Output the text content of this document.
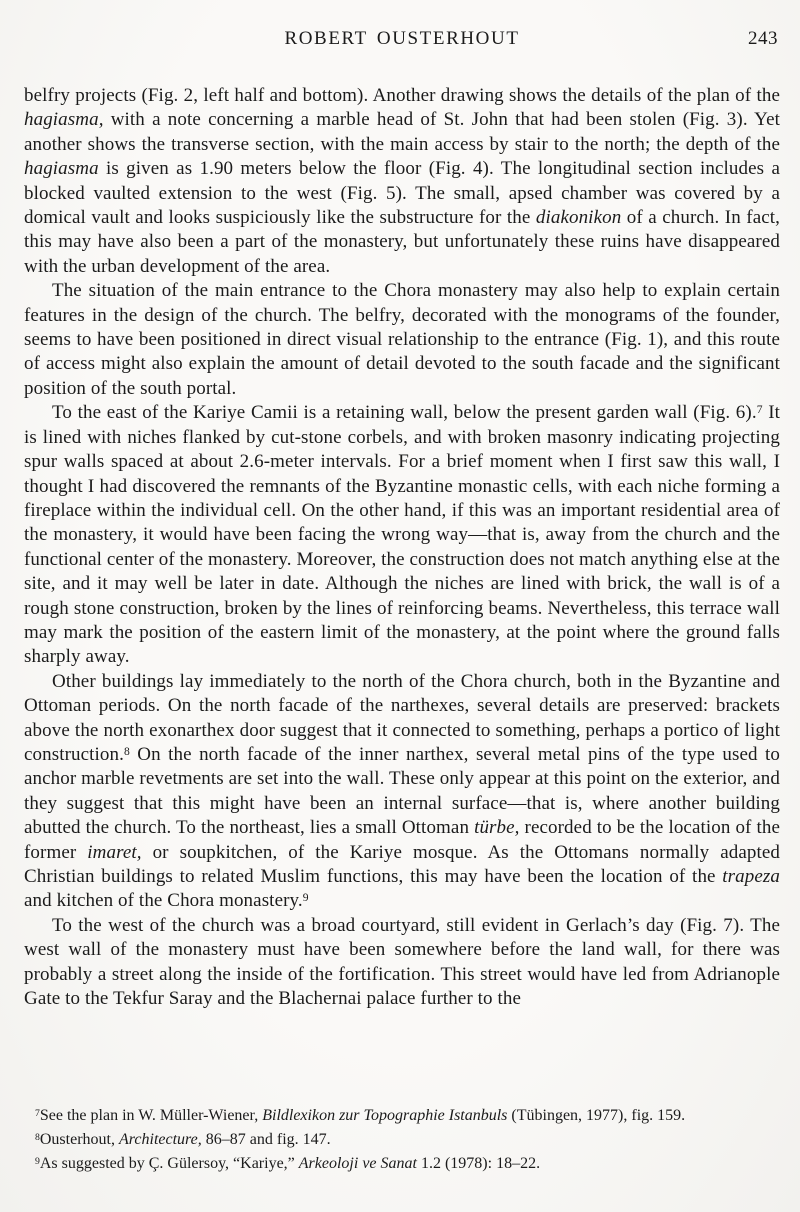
ROBERT OUSTERHOUT	243

belfry projects (Fig. 2, left half and bottom). Another drawing shows the details of the plan of the hagiasma, with a note concerning a marble head of St. John that had been stolen (Fig. 3). Yet another shows the transverse section, with the main access by stair to the north; the depth of the hagiasma is given as 1.90 meters below the floor (Fig. 4). The longitudinal section includes a blocked vaulted extension to the west (Fig. 5). The small, apsed chamber was covered by a domical vault and looks suspiciously like the substructure for the diakonikon of a church. In fact, this may have also been a part of the monastery, but unfortunately these ruins have disappeared with the urban development of the area.

The situation of the main entrance to the Chora monastery may also help to explain certain features in the design of the church. The belfry, decorated with the monograms of the founder, seems to have been positioned in direct visual relationship to the entrance (Fig. 1), and this route of access might also explain the amount of detail devoted to the south facade and the significant position of the south portal.

To the east of the Kariye Camii is a retaining wall, below the present garden wall (Fig. 6).$^7$ It is lined with niches flanked by cut-stone corbels, and with broken masonry indicating projecting spur walls spaced at about 2.6-meter intervals. For a brief moment when I first saw this wall, I thought I had discovered the remnants of the Byzantine monastic cells, with each niche forming a fireplace within the individual cell. On the other hand, if this was an important residential area of the monastery, it would have been facing the wrong way—that is, away from the church and the functional center of the monastery. Moreover, the construction does not match anything else at the site, and it may well be later in date. Although the niches are lined with brick, the wall is of a rough stone construction, broken by the lines of reinforcing beams. Nevertheless, this terrace wall may mark the position of the eastern limit of the monastery, at the point where the ground falls sharply away.

Other buildings lay immediately to the north of the Chora church, both in the Byzantine and Ottoman periods. On the north facade of the narthexes, several details are preserved: brackets above the north exonarthex door suggest that it connected to something, perhaps a portico of light construction.$^8$ On the north facade of the inner narthex, several metal pins of the type used to anchor marble revetments are set into the wall. These only appear at this point on the exterior, and they suggest that this might have been an internal surface—that is, where another building abutted the church. To the northeast, lies a small Ottoman türbe, recorded to be the location of the former imaret, or soupkitchen, of the Kariye mosque. As the Ottomans normally adapted Christian buildings to related Muslim functions, this may have been the location of the trapeza and kitchen of the Chora monastery.$^9$

To the west of the church was a broad courtyard, still evident in Gerlach’s day (Fig. 7). The west wall of the monastery must have been somewhere before the land wall, for there was probably a street along the inside of the fortification. This street would have led from Adrianople Gate to the Tekfur Saray and the Blachernai palace further to the

$^7$See the plan in W. Müller-Wiener, Bildlexikon zur Topographie Istanbuls (Tübingen, 1977), fig. 159.

$^8$Ousterhout, Architecture, 86–87 and fig. 147.

$^9$As suggested by Ç. Gülersoy, “Kariye,” Arkeoloji ve Sanat 1.2 (1978): 18–22.
